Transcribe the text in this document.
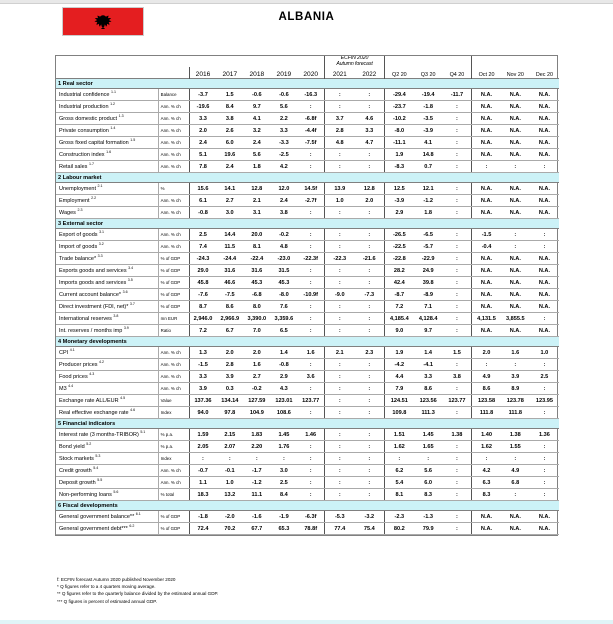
ALBANIA

							ECFIN 2020
Autumn forecast							

		2016	2017	2018	2019	2020	2021	2022	Q2 20	Q3 20	Q4 20	Oct 20	Nov 20	Dec 20
1 Real sector														
Industrial confidence $^{1.1}$	Balance	-3.7	1.5	-0.6	-0.6	-16.3	:	:	-29.4	-19.4	-11.7	N.A.	N.A.	N.A.
Industrial production $^{1.2}$	Ann. % ch	-19.6	8.4	9.7	5.6	:	:	:	-23.7	-1.8	:	N.A.	N.A.	N.A.
Gross domestic product $^{1.3}$	Ann. % ch	3.3	3.8	4.1	2.2	-6.8f	3.7	4.6	-10.2	-3.5	:	N.A.	N.A.	N.A.
Private consumption $^{1.4}$	Ann. % ch	2.0	2.6	3.2	3.3	-4.4f	2.8	3.3	-8.0	-3.9	:	N.A.	N.A.	N.A.
Gross fixed capital formation $^{1.5}$	Ann. % ch	2.4	6.0	2.4	-3.3	-7.5f	4.8	4.7	-11.1	4.1	:	N.A.	N.A.	N.A.
Construction index $^{1.6}$	Ann. % ch	5.1	19.6	5.6	-2.5	:	:	:	1.9	14.8	:	N.A.	N.A.	N.A.
Retail sales $^{1.7}$	Ann. % ch	7.8	2.4	1.8	4.2	:	:	:	-8.3	0.7	:	:	:	:
2 Labour market														
Unemployment $^{2.1}$	%	15.6	14.1	12.8	12.0	14.5f	13.9	12.8	12.5	12.1	:	N.A.	N.A.	N.A.
Employment $^{2.2}$	Ann. % ch	6.1	2.7	2.1	2.4	-2.7f	1.0	2.0	-3.9	-1.2	:	N.A.	N.A.	N.A.
Wages $^{2.3}$	Ann. % ch	-0.8	3.0	3.1	3.8	:	:	:	2.9	1.8	:	N.A.	N.A.	N.A.
3 External sector														
Export of goods $^{3.1}$	Ann. % ch	2.5	14.4	20.0	-0.2	:	:	:	-26.5	-6.5	:	-1.5	:	:
Import of goods $^{3.2}$	Ann. % ch	7.4	11.5	8.1	4.8	:	:	:	-22.5	-5.7	:	-0.4	:	:
Trade balance* $^{3.3}$	% of GDP	-24.3	-24.4	-22.4	-23.0	-22.3f	-22.3	-21.6	-22.8	-22.9	:	N.A.	N.A.	N.A.
Exports goods and services $^{3.4}$	% of GDP	29.0	31.6	31.6	31.5	:	:	:	28.2	24.9	:	N.A.	N.A.	N.A.
Imports goods and services $^{3.5}$	% of GDP	45.8	46.6	45.3	45.3	:	:	:	42.4	39.8	:	N.A.	N.A.	N.A.
Current account balance* $^{3.6}$	% of GDP	-7.6	-7.5	-6.8	-8.0	-10.9f	-9.0	-7.3	-8.7	-8.9	:	N.A.	N.A.	N.A.
Direct investment (FDI, net)* $^{3.7}$	% of GDP	8.7	8.6	8.0	7.6	:	:	:	7.2	7.1	:	N.A.	N.A.	N.A.
International reserves $^{3.8}$	mn EUR	2,946.0	2,966.9	3,390.0	3,359.6	:	:	:	4,185.4	4,128.4	:	4,131.5	3,855.5	:
Int. reserves / months imp $^{3.9}$	Ratio	7.2	6.7	7.0	6.5	:	:	:	9.0	9.7	:	N.A.	N.A.	N.A.
4 Monetary developments														
CPI $^{4.1}$	Ann. % ch	1.3	2.0	2.0	1.4	1.6	2.1	2.3	1.9	1.4	1.5	2.0	1.6	1.0
Producer prices $^{4.2}$	Ann. % ch	-1.5	2.8	1.6	-0.8	:	:	:	-4.2	-4.1	:	:	:	:
Food prices $^{4.3}$	Ann. % ch	3.3	3.9	2.7	2.9	3.6	:	:	4.4	3.3	3.8	4.9	3.9	2.5
M3 $^{4.4}$	Ann. % ch	3.9	0.3	-0.2	4.3	:	:	:	7.9	8.6	:	8.6	8.9	:
Exchange rate ALL/EUR $^{4.5}$	Value	137.36	134.14	127.59	123.01	123.77	:	:	124.51	123.56	123.77	123.58	123.78	123.95
Real effective exchange rate $^{4.6}$	Index	94.0	97.8	104.9	108.6	:	:	:	109.8	111.3	:	111.8	111.8	:
5 Financial indicators														
Interest rate (3 months-TRIBOR) $^{5.1}$	% p.a.	1.59	2.15	1.83	1.45	1.46	:	:	1.51	1.45	1.38	1.40	1.38	1.36
Bond yield $^{5.2}$	% p.a.	2.05	2.07	2.20	1.76	:	:	:	1.62	1.65	:	1.62	1.55	:
Stock markets $^{5.3}$	Index	:	:	:	:	:	:	:	:	:	:	:	:	:
Credit growth $^{5.4}$	Ann. % ch	-0.7	-0.1	-1.7	3.0	:	:	:	6.2	5.6	:	4.2	4.9	:
Deposit growth $^{5.5}$	Ann. % ch	1.1	1.0	-1.2	2.5	:	:	:	5.4	6.0	:	6.3	6.8	:
Non-performing loans $^{5.6}$	% total	18.3	13.2	11.1	8.4	:	:	:	8.1	8.3	:	8.3	:	:
6 Fiscal developments														
General government balance** $^{6.1}$	% of GDP	-1.8	-2.0	-1.6	-1.9	-6.3f	-5.3	-3.2	-2.3	-1.3	:	N.A.	N.A.	N.A.
General government debt*** $^{6.2}$	% of GDP	72.4	70.2	67.7	65.3	78.8f	77.4	75.4	80.2	79.9	:	N.A.	N.A.	N.A.
f: ECFIN forecast Autumn 2020 published November 2020
* Q figures refer to a 4 quarters moving average.
** Q figures refer to the quarterly balance divided by the estimated annual GDP.
*** Q figures in percent of estimated annual GDP.
